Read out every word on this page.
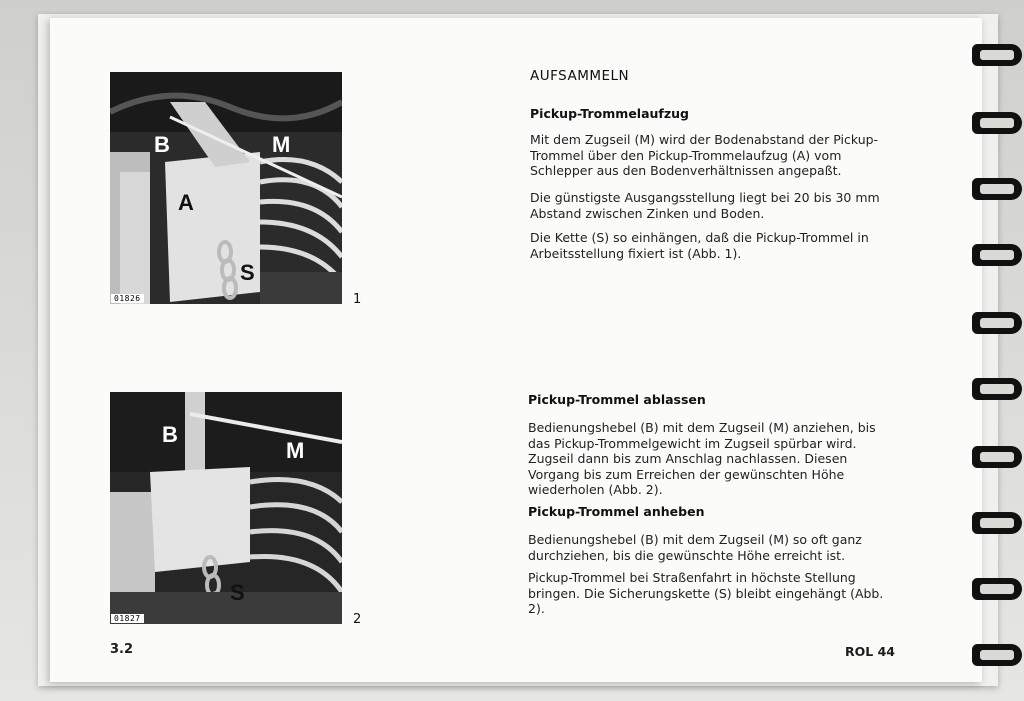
B	M
A
S
01826	1
B
M
S
01827	2
AUFSAMMELN
Pickup-Trommelaufzug

Mit dem Zugseil (M) wird der Bodenabstand der Pickup-Trommel über den Pickup-Trommelaufzug (A) vom Schlepper aus den Bodenverhältnissen angepaßt.

Die günstigste Ausgangsstellung liegt bei 20 bis 30 mm Abstand zwischen Zinken und Boden.

Die Kette (S) so einhängen, daß die Pickup-Trommel in Arbeitsstellung fixiert ist (Abb. 1).

Pickup-Trommel ablassen

Bedienungshebel (B) mit dem Zugseil (M) anziehen, bis das Pickup-Trommelgewicht im Zugseil spürbar wird. Zugseil dann bis zum Anschlag nachlassen. Diesen Vorgang bis zum Erreichen der gewünschten Höhe wiederholen (Abb. 2).

Pickup-Trommel anheben

Bedienungshebel (B) mit dem Zugseil (M) so oft ganz durchziehen, bis die gewünschte Höhe erreicht ist.

Pickup-Trommel bei Straßenfahrt in höchste Stellung bringen. Die Sicherungskette (S) bleibt eingehängt (Abb. 2).

3.2	ROL 44
